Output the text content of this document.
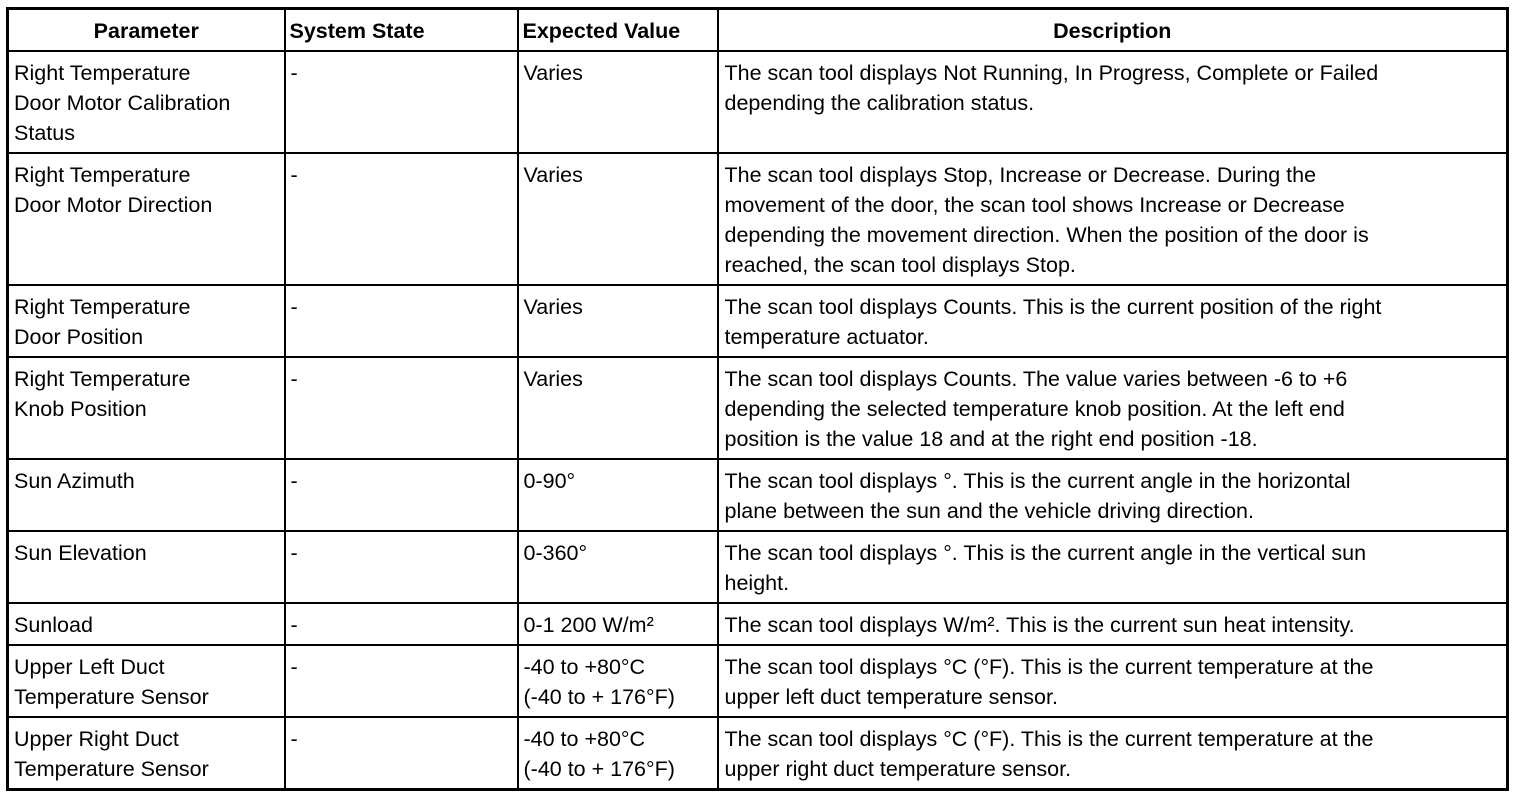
Parameter	System State	Expected Value	Description

Right Temperature
Door Motor Calibration
Status	-	Varies	The scan tool displays Not Running, In Progress, Complete or Failed
depending the calibration status.

Right Temperature
Door Motor Direction	-	Varies	The scan tool displays Stop, Increase or Decrease. During the
movement of the door, the scan tool shows Increase or Decrease
depending the movement direction. When the position of the door is
reached, the scan tool displays Stop.

Right Temperature
Door Position	-	Varies	The scan tool displays Counts. This is the current position of the right
temperature actuator.

Right Temperature
Knob Position	-	Varies	The scan tool displays Counts. The value varies between -6 to +6
depending the selected temperature knob position. At the left end
position is the value 18 and at the right end position -18.

Sun Azimuth	-	0-90°	The scan tool displays °. This is the current angle in the horizontal
plane between the sun and the vehicle driving direction.

Sun Elevation	-	0-360°	The scan tool displays °. This is the current angle in the vertical sun
height.

Sunload	-	0-1 200 W/m²	The scan tool displays W/m². This is the current sun heat intensity.

Upper Left Duct
Temperature Sensor	-	-40 to +80°C
(-40 to + 176°F)	The scan tool displays °C (°F). This is the current temperature at the
upper left duct temperature sensor.

Upper Right Duct
Temperature Sensor	-	-40 to +80°C
(-40 to + 176°F)	The scan tool displays °C (°F). This is the current temperature at the
upper right duct temperature sensor.
